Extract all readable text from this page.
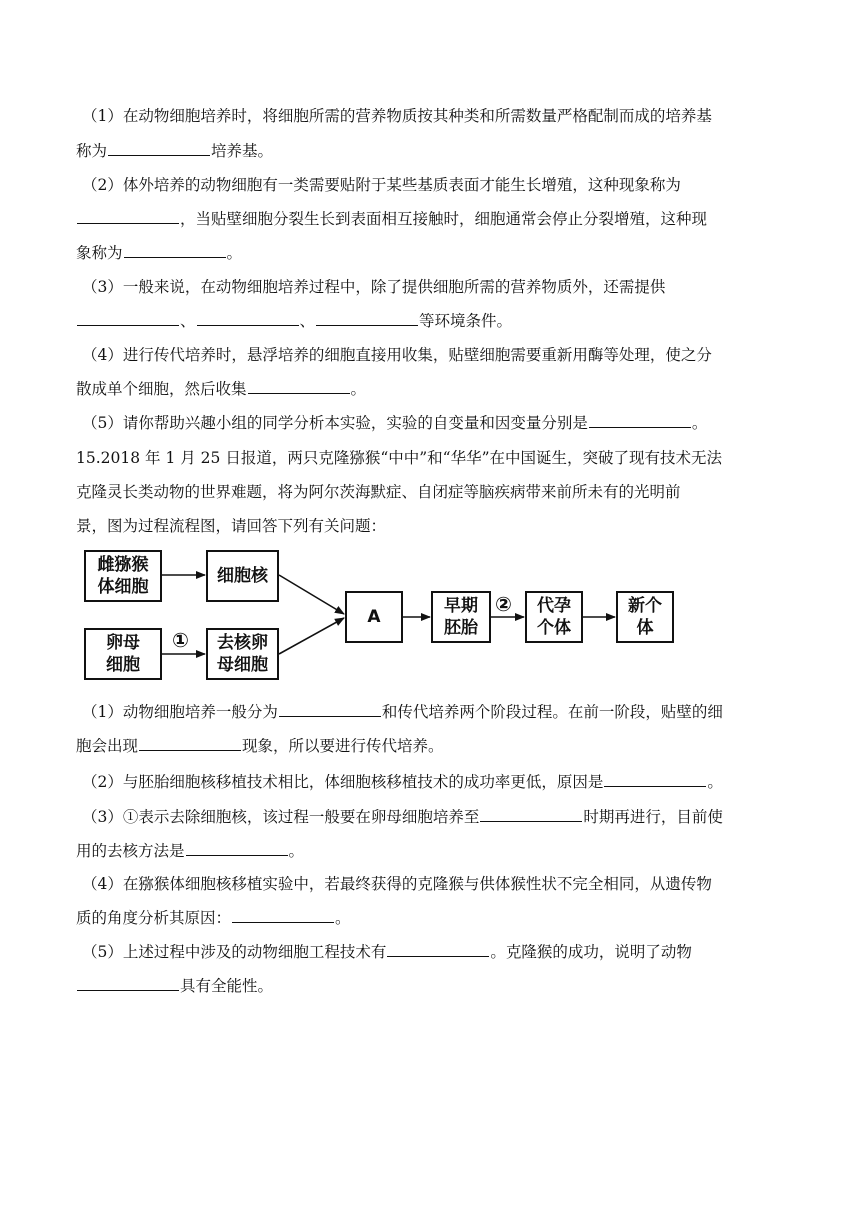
（1）在动物细胞培养时，将细胞所需的营养物质按其种类和所需数量严格配制而成的培养基
称为	培养基。
（2）体外培养的动物细胞有一类需要贴附于某些基质表面才能生长增殖，这种现象称为
，当贴壁细胞分裂生长到表面相互接触时，细胞通常会停止分裂增殖，这种现
象称为	。
（3）一般来说，在动物细胞培养过程中，除了提供细胞所需的营养物质外，还需提供
、	、	等环境条件。
（4）进行传代培养时，悬浮培养的细胞直接用收集，贴壁细胞需要重新用酶等处理，使之分
散成单个细胞，然后收集	。
（5）请你帮助兴趣小组的同学分析本实验，实验的自变量和因变量分别是	。
15.2018 年 1 月 25 日报道，两只克隆猕猴“中中”和“华华”在中国诞生，突破了现有技术无法
克隆灵长类动物的世界难题，将为阿尔茨海默症、自闭症等脑疾病带来前所未有的光明前
景，图为过程流程图，请回答下列有关问题：
雌猕猴
体细胞
细胞核
卵母
细胞
① 去核卵
母细胞
A
早期
胚胎
② 代孕
个体
新个
体
（1）动物细胞培养一般分为	和传代培养两个阶段过程。在前一阶段，贴壁的细
胞会出现	现象，所以要进行传代培养。
（2）与胚胎细胞核移植技术相比，体细胞核移植技术的成功率更低，原因是	。
（3）①表示去除细胞核，该过程一般要在卵母细胞培养至	时期再进行，目前使
用的去核方法是	。
（4）在猕猴体细胞核移植实验中，若最终获得的克隆猴与供体猴性状不完全相同，从遗传物
质的角度分析其原因：	。
（5）上述过程中涉及的动物细胞工程技术有	。克隆猴的成功，说明了动物
具有全能性。
